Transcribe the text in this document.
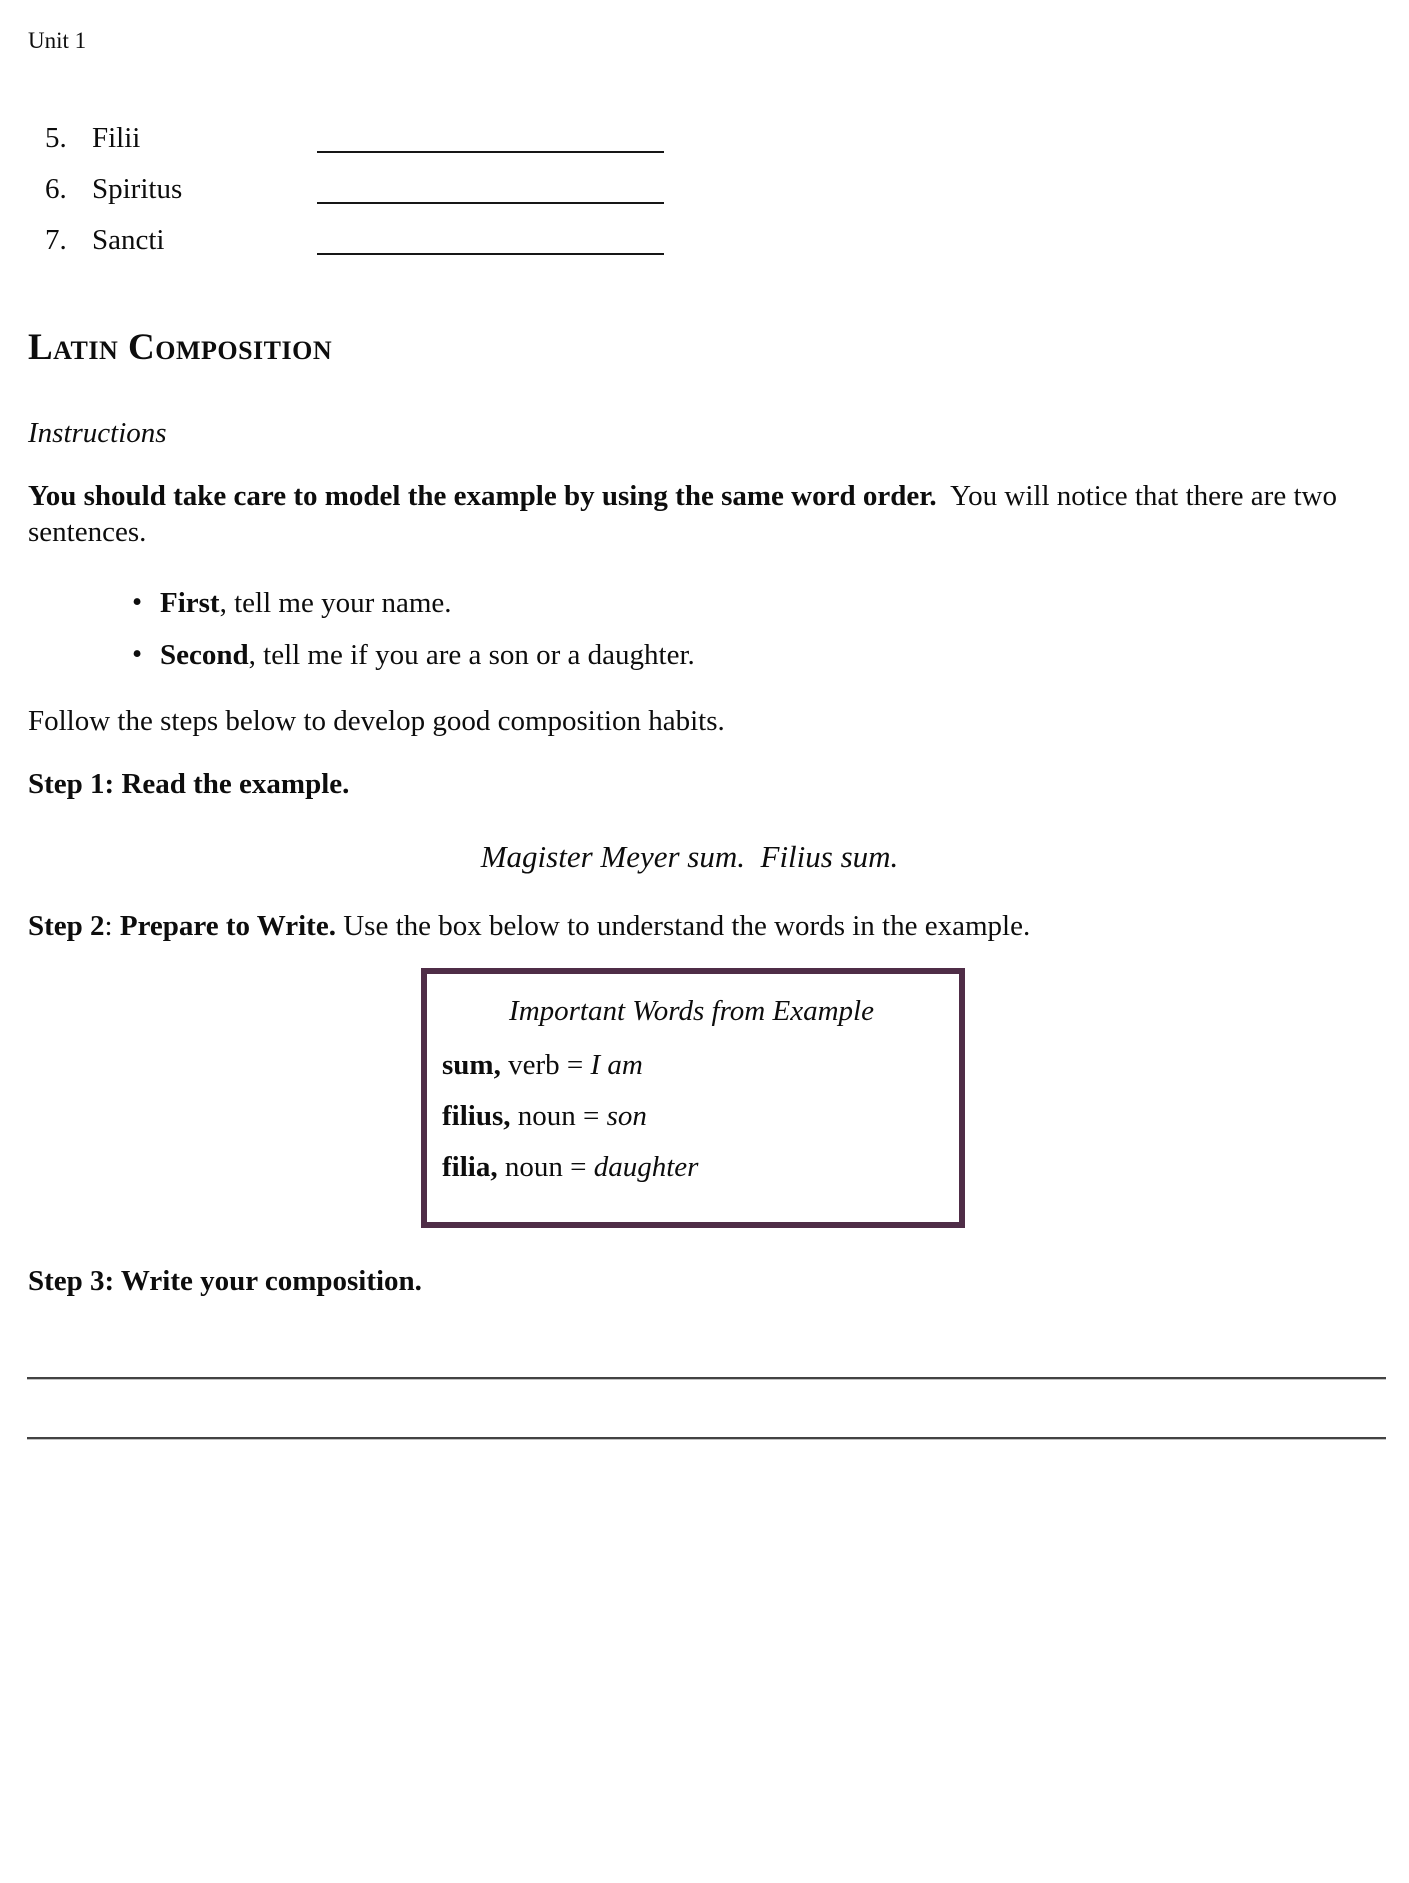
Unit 1
5. Filii
6. Spiritus
7. Sancti
Latin Composition
Instructions

You should take care to model the example by using the same word order.  You will notice that there are two sentences.

• First, tell me your name.
• Second, tell me if you are a son or a daughter.

Follow the steps below to develop good composition habits.

Step 1: Read the example.

Magister Meyer sum.  Filius sum.

Step 2: Prepare to Write. Use the box below to understand the words in the example.

Important Words from Example
sum, verb = I am
filius, noun = son
filia, noun = daughter

Step 3: Write your composition.
